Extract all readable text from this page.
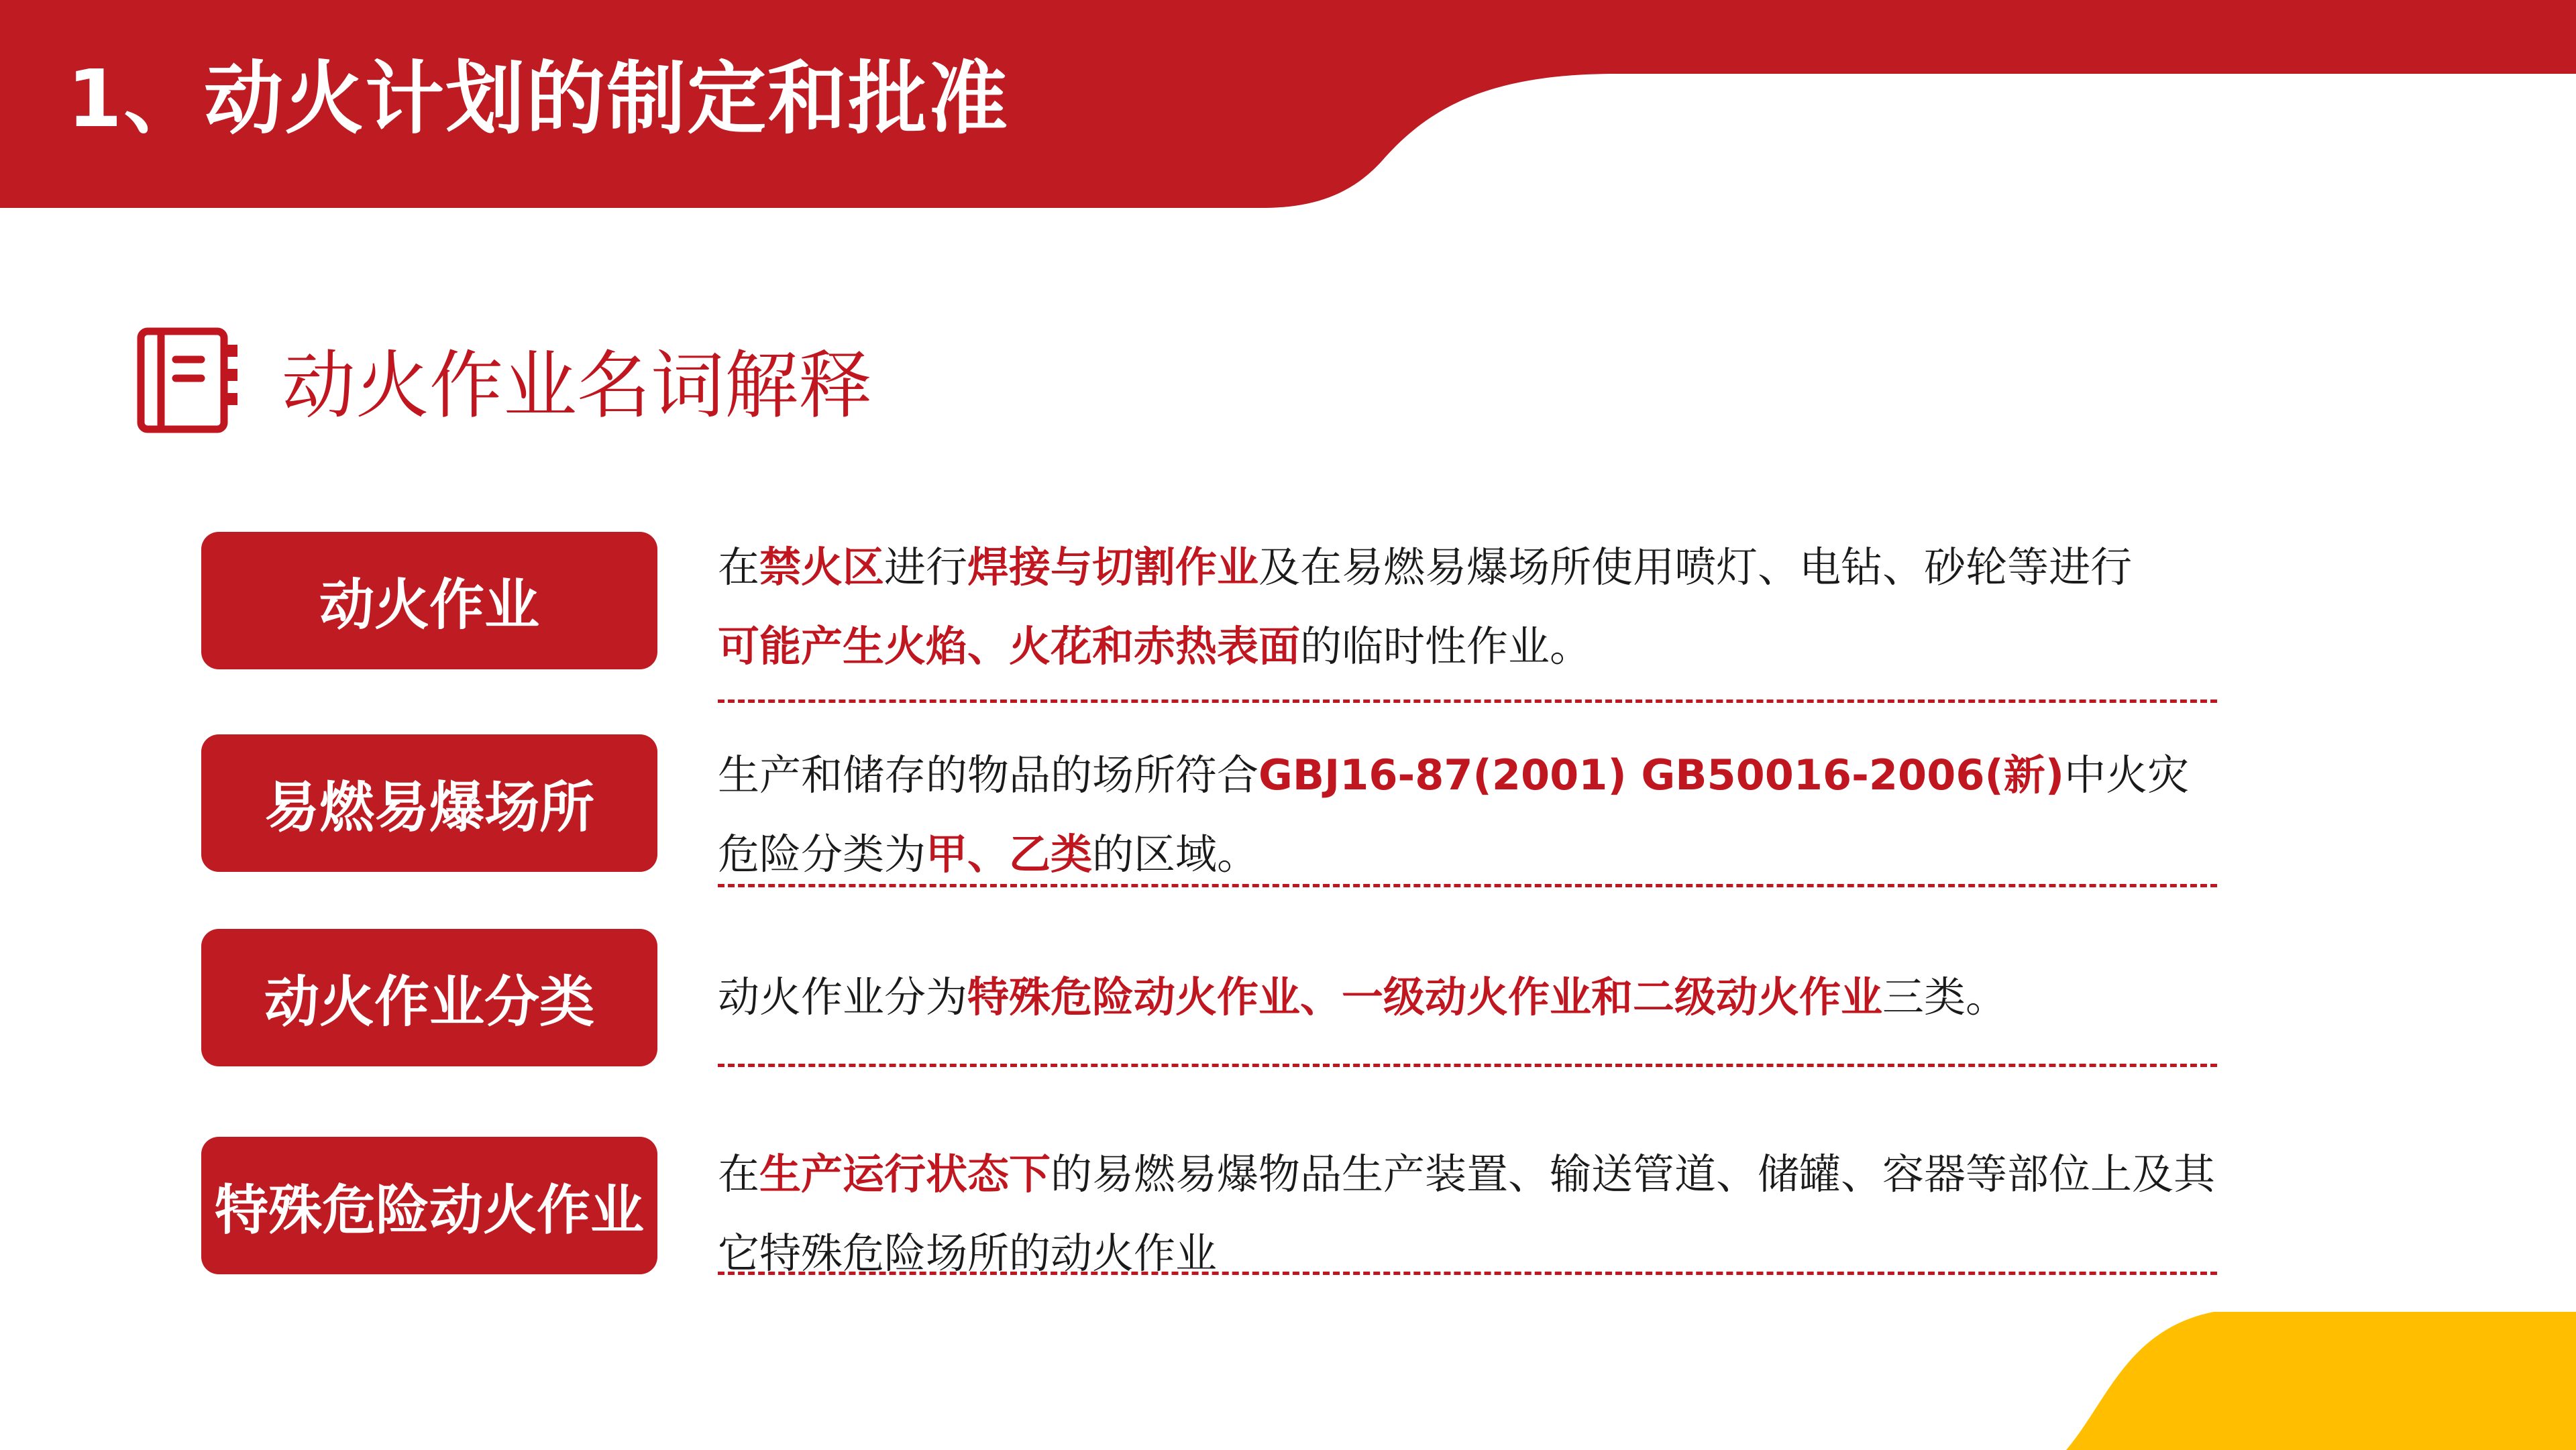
1、动火计划的制定和批准
动火作业名词解释
动火作业
在禁火区进行焊接与切割作业及在易燃易爆场所使用喷灯、电钻、砂轮等进行
可能产生火焰、火花和赤热表面的临时性作业。
易燃易爆场所
生产和储存的物品的场所符合GBJ16-87(2001) GB50016-2006(新)中火灾危险分类为甲、乙类的区域。
动火作业分类	动火作业分为特殊危险动火作业、一级动火作业和二级动火作业三类。
特殊危险动火作业
在生产运行状态下的易燃易爆物品生产装置、输送管道、储罐、容器等部位上及其它特殊危险场所的动火作业
